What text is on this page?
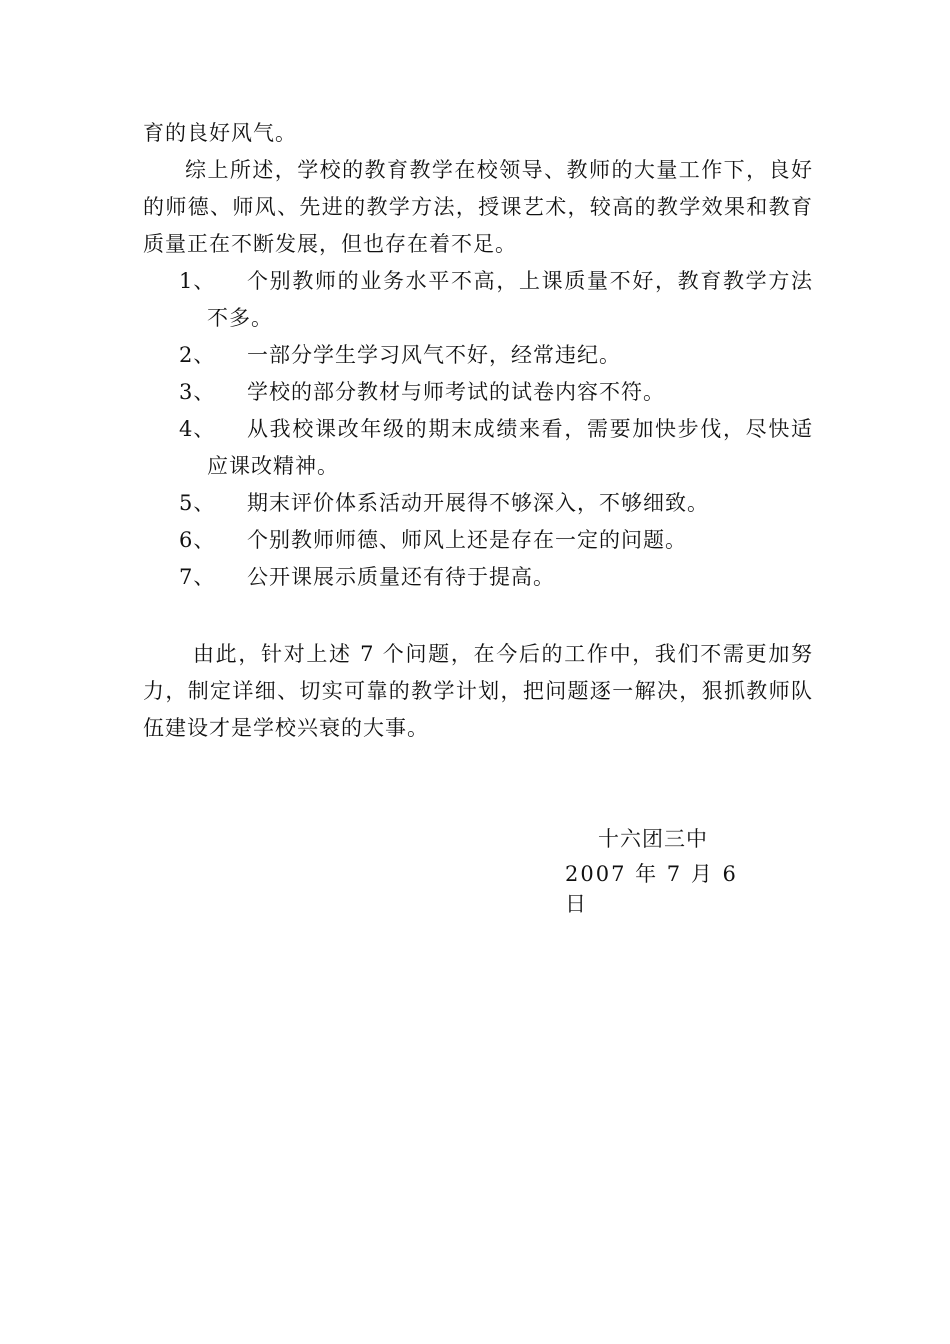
育的良好风气。
综上所述，学校的教育教学在校领导、教师的大量工作下，良好的师德、师风、先进的教学方法，授课艺术，较高的教学效果和教育质量正在不断发展，但也存在着不足。
1、	个别教师的业务水平不高，上课质量不好，教育教学方法不多。
2、	一部分学生学习风气不好，经常违纪。
3、	学校的部分教材与师考试的试卷内容不符。
4、	从我校课改年级的期末成绩来看，需要加快步伐，尽快适应课改精神。
5、	期末评价体系活动开展得不够深入，不够细致。
6、	个别教师师德、师风上还是存在一定的问题。
7、	公开课展示质量还有待于提高。
由此，针对上述 7 个问题，在今后的工作中，我们不需更加努力，制定详细、切实可靠的教学计划，把问题逐一解决，狠抓教师队伍建设才是学校兴衰的大事。
十六团三中
2007 年 7 月 6 日
